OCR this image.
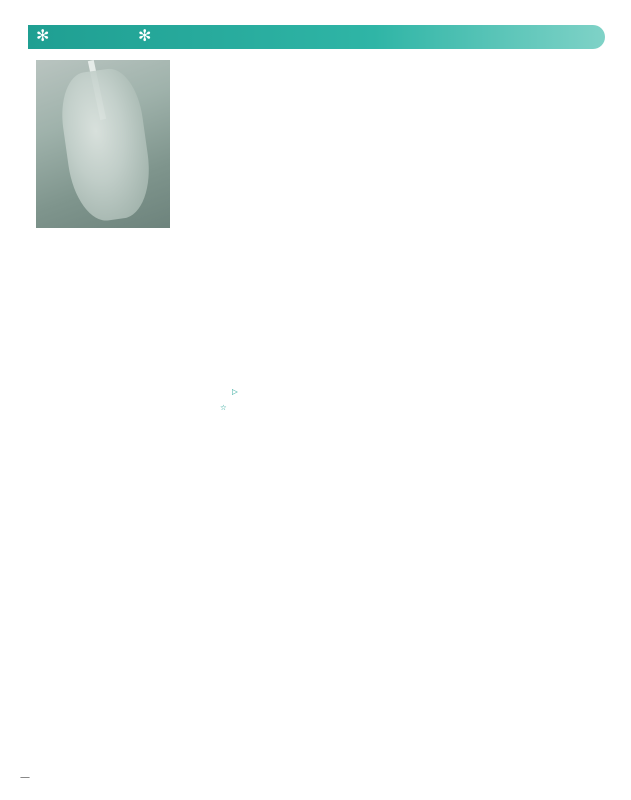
✻	✻

▷
☆
—
